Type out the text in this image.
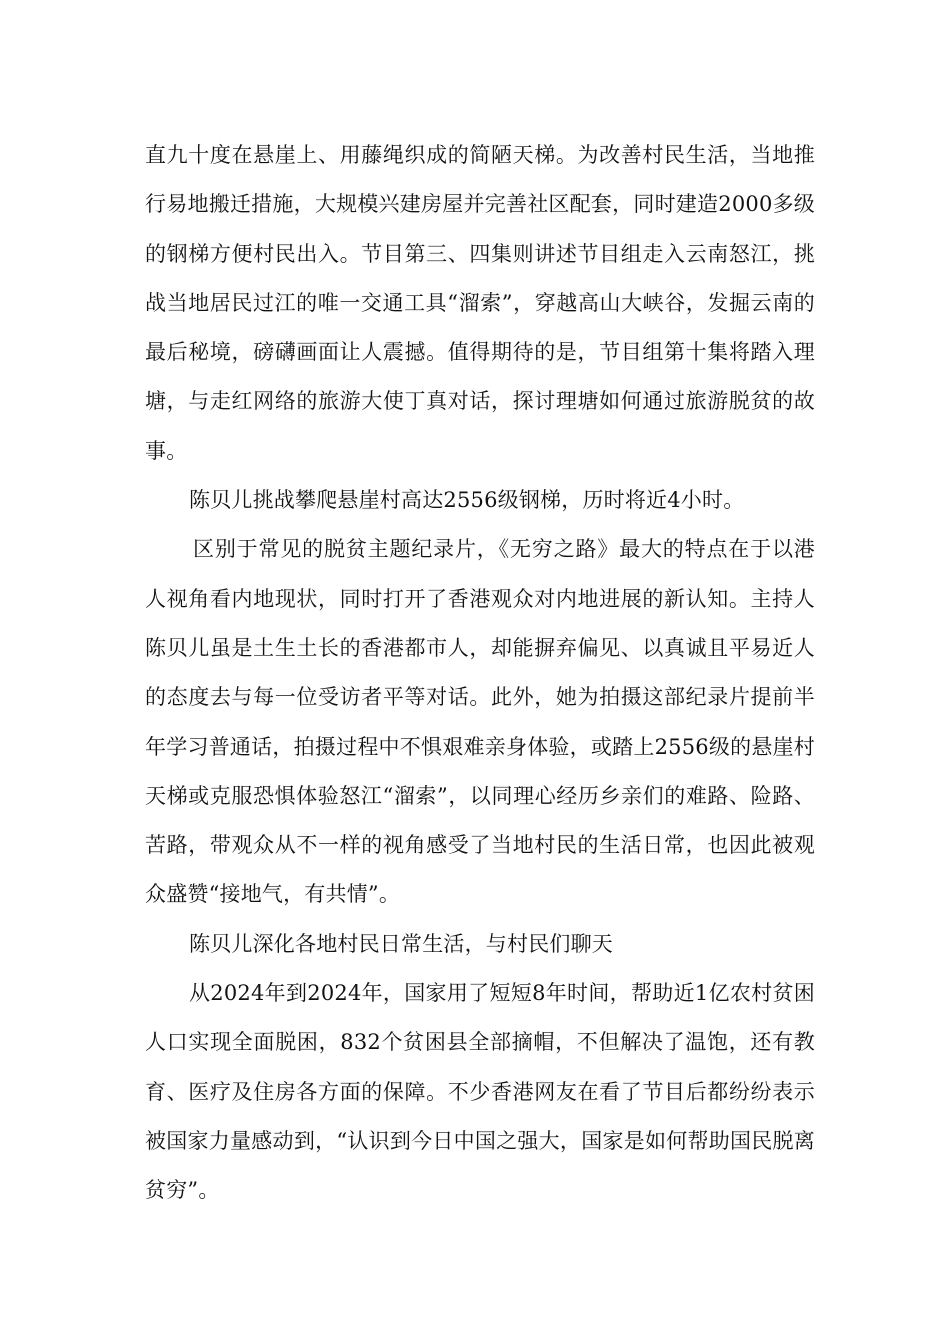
直九十度在悬崖上、用藤绳织成的简陋天梯。为改善村民生活，当地推行易地搬迁措施，大规模兴建房屋并完善社区配套，同时建造2000多级的钢梯方便村民出入。节目第三、四集则讲述节目组走入云南怒江，挑战当地居民过江的唯一交通工具“溜索”，穿越高山大峡谷，发掘云南的最后秘境，磅礴画面让人震撼。值得期待的是，节目组第十集将踏入理塘，与走红网络的旅游大使丁真对话，探讨理塘如何通过旅游脱贫的故事。

陈贝儿挑战攀爬悬崖村高达2556级钢梯，历时将近4小时。

区别于常见的脱贫主题纪录片，《无穷之路》最大的特点在于以港人视角看内地现状，同时打开了香港观众对内地进展的新认知。主持人陈贝儿虽是土生土长的香港都市人，却能摒弃偏见、以真诚且平易近人的态度去与每一位受访者平等对话。此外，她为拍摄这部纪录片提前半年学习普通话，拍摄过程中不惧艰难亲身体验，或踏上2556级的悬崖村天梯或克服恐惧体验怒江“溜索”，以同理心经历乡亲们的难路、险路、苦路，带观众从不一样的视角感受了当地村民的生活日常，也因此被观众盛赞“接地气，有共情”。

陈贝儿深化各地村民日常生活，与村民们聊天

从2024年到2024年，国家用了短短8年时间，帮助近1亿农村贫困人口实现全面脱困，832个贫困县全部摘帽，不但解决了温饱，还有教育、医疗及住房各方面的保障。不少香港网友在看了节目后都纷纷表示被国家力量感动到，“认识到今日中国之强大，国家是如何帮助国民脱离贫穷”。
